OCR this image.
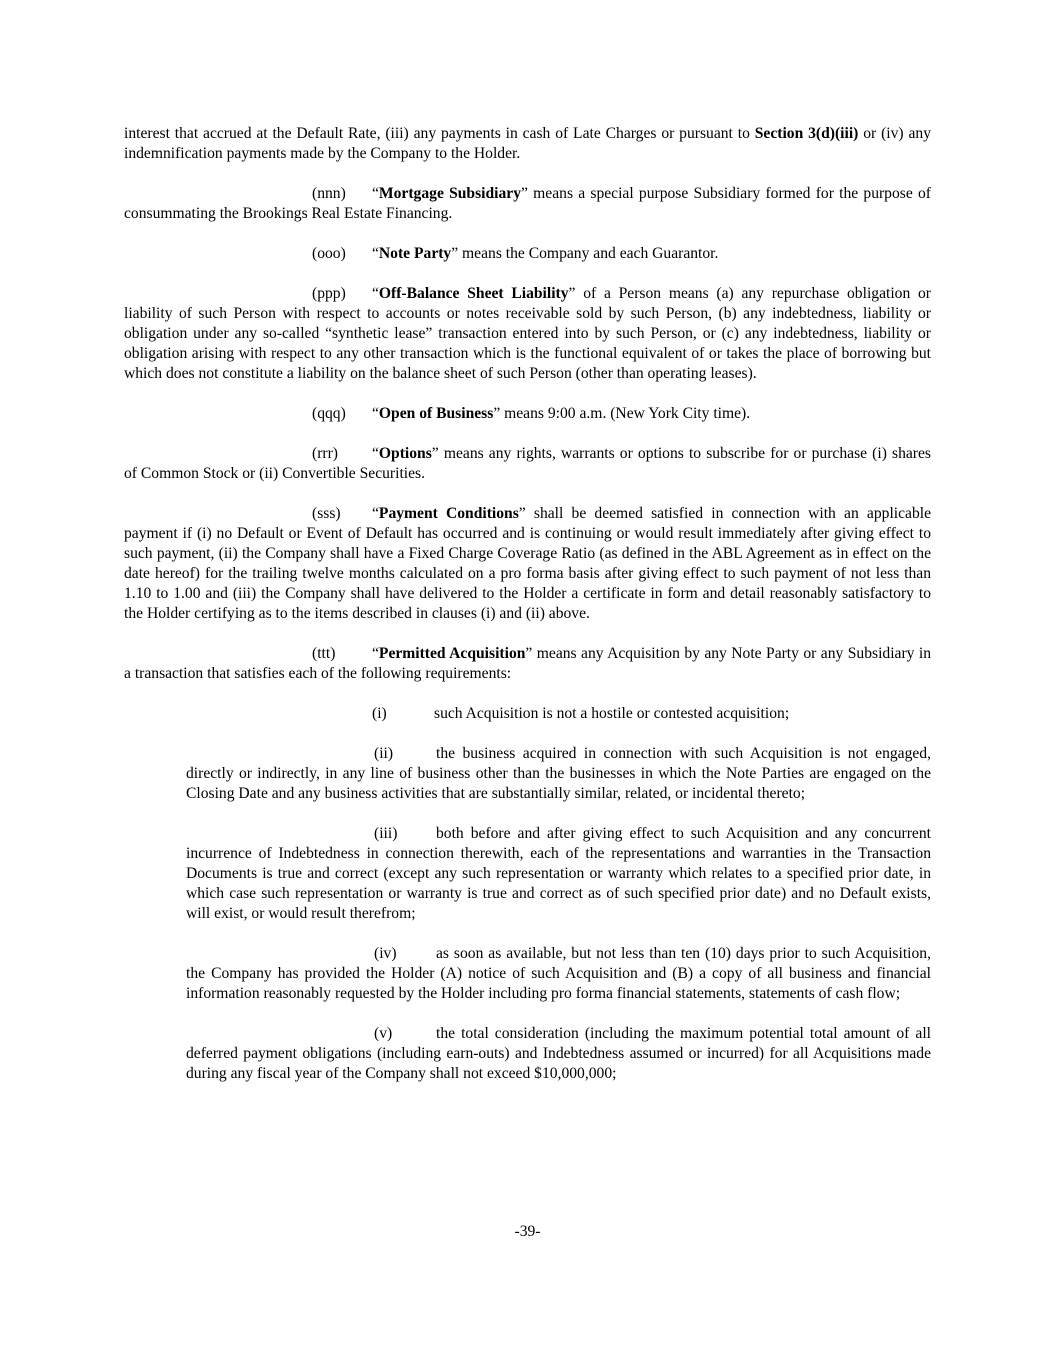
interest that accrued at the Default Rate, (iii) any payments in cash of Late Charges or pursuant to Section 3(d)(iii) or (iv) any indemnification payments made by the Company to the Holder.

(nnn) “Mortgage Subsidiary” means a special purpose Subsidiary formed for the purpose of consummating the Brookings Real Estate Financing.

(ooo) “Note Party” means the Company and each Guarantor.

(ppp) “Off-Balance Sheet Liability” of a Person means (a) any repurchase obligation or liability of such Person with respect to accounts or notes receivable sold by such Person, (b) any indebtedness, liability or obligation under any so-called “synthetic lease” transaction entered into by such Person, or (c) any indebtedness, liability or obligation arising with respect to any other transaction which is the functional equivalent of or takes the place of borrowing but which does not constitute a liability on the balance sheet of such Person (other than operating leases).

(qqq) “Open of Business” means 9:00 a.m. (New York City time).

(rrr) “Options” means any rights, warrants or options to subscribe for or purchase (i) shares of Common Stock or (ii) Convertible Securities.

(sss) “Payment Conditions” shall be deemed satisfied in connection with an applicable payment if (i) no Default or Event of Default has occurred and is continuing or would result immediately after giving effect to such payment, (ii) the Company shall have a Fixed Charge Coverage Ratio (as defined in the ABL Agreement as in effect on the date hereof) for the trailing twelve months calculated on a pro forma basis after giving effect to such payment of not less than 1.10 to 1.00 and (iii) the Company shall have delivered to the Holder a certificate in form and detail reasonably satisfactory to the Holder certifying as to the items described in clauses (i) and (ii) above.

(ttt) “Permitted Acquisition” means any Acquisition by any Note Party or any Subsidiary in a transaction that satisfies each of the following requirements:

(i)	such Acquisition is not a hostile or contested acquisition;

(ii)	the business acquired in connection with such Acquisition is not engaged, directly or indirectly, in any line of business other than the businesses in which the Note Parties are engaged on the Closing Date and any business activities that are substantially similar, related, or incidental thereto;

(iii) both before and after giving effect to such Acquisition and any concurrent incurrence of Indebtedness in connection therewith, each of the representations and warranties in the Transaction Documents is true and correct (except any such representation or warranty which relates to a specified prior date, in which case such representation or warranty is true and correct as of such specified prior date) and no Default exists, will exist, or would result therefrom;

(iv)	as soon as available, but not less than ten (10) days prior to such Acquisition, the Company has provided the Holder (A) notice of such Acquisition and (B) a copy of all business and financial information reasonably requested by the Holder including pro forma financial statements, statements of cash flow;

(v)	the total consideration (including the maximum potential total amount of all deferred payment obligations (including earn-outs) and Indebtedness assumed or incurred) for all Acquisitions made during any fiscal year of the Company shall not exceed $10,000,000;

-39-
